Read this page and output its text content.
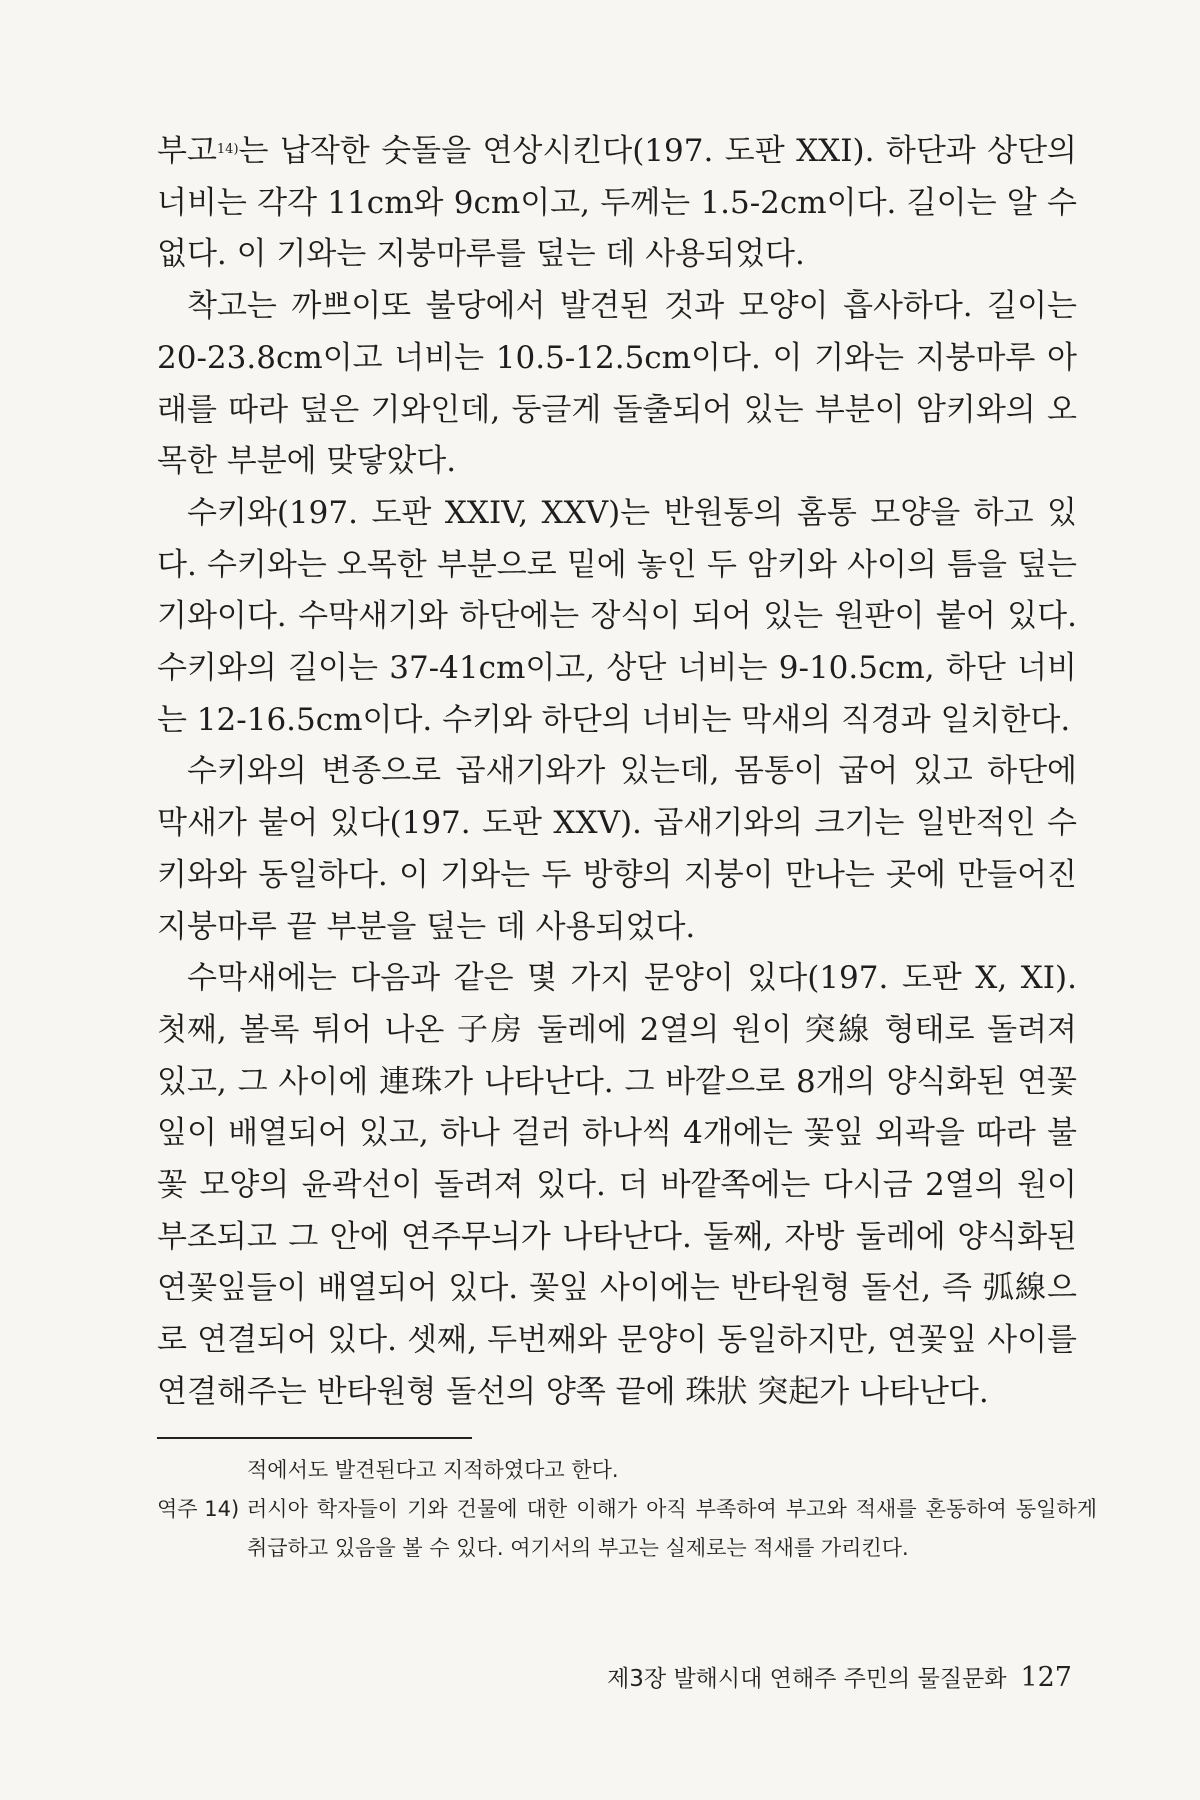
부고$^{14)}$는 납작한 숫돌을 연상시킨다(197. 도판 XXI). 하단과 상단의 너비는 각각 11cm와 9cm이고, 두께는 1.5-2cm이다. 길이는 알 수 없다. 이 기와는 지붕마루를 덮는 데 사용되었다.

착고는 까쁘이또 불당에서 발견된 것과 모양이 흡사하다. 길이는 20-23.8cm이고 너비는 10.5-12.5cm이다. 이 기와는 지붕마루 아래를 따라 덮은 기와인데, 둥글게 돌출되어 있는 부분이 암키와의 오목한 부분에 맞닿았다.

수키와(197. 도판 XXIV, XXV)는 반원통의 홈통 모양을 하고 있다. 수키와는 오목한 부분으로 밑에 놓인 두 암키와 사이의 틈을 덮는 기와이다. 수막새기와 하단에는 장식이 되어 있는 원판이 붙어 있다. 수키와의 길이는 37-41cm이고, 상단 너비는 9-10.5cm, 하단 너비는 12-16.5cm이다. 수키와 하단의 너비는 막새의 직경과 일치한다.

수키와의 변종으로 곱새기와가 있는데, 몸통이 굽어 있고 하단에 막새가 붙어 있다(197. 도판 XXV). 곱새기와의 크기는 일반적인 수키와와 동일하다. 이 기와는 두 방향의 지붕이 만나는 곳에 만들어진 지붕마루 끝 부분을 덮는 데 사용되었다.

수막새에는 다음과 같은 몇 가지 문양이 있다(197. 도판 X, XI). 첫째, 볼록 튀어 나온 子房 둘레에 2열의 원이 突線 형태로 돌려져 있고, 그 사이에 連珠가 나타난다. 그 바깥으로 8개의 양식화된 연꽃잎이 배열되어 있고, 하나 걸러 하나씩 4개에는 꽃잎 외곽을 따라 불꽃 모양의 윤곽선이 돌려져 있다. 더 바깥쪽에는 다시금 2열의 원이 부조되고 그 안에 연주무늬가 나타난다. 둘째, 자방 둘레에 양식화된 연꽃잎들이 배열되어 있다. 꽃잎 사이에는 반타원형 돌선, 즉 弧線으로 연결되어 있다. 셋째, 두번째와 문양이 동일하지만, 연꽃잎 사이를 연결해주는 반타원형 돌선의 양쪽 끝에 珠狀 突起가 나타난다.

적에서도 발견된다고 지적하였다고 한다.
역주 14) 러시아 학자들이 기와 건물에 대한 이해가 아직 부족하여 부고와 적새를 혼동하여 동일하게 취급하고 있음을 볼 수 있다. 여기서의 부고는 실제로는 적새를 가리킨다.
제3장 발해시대 연해주 주민의 물질문화 127
